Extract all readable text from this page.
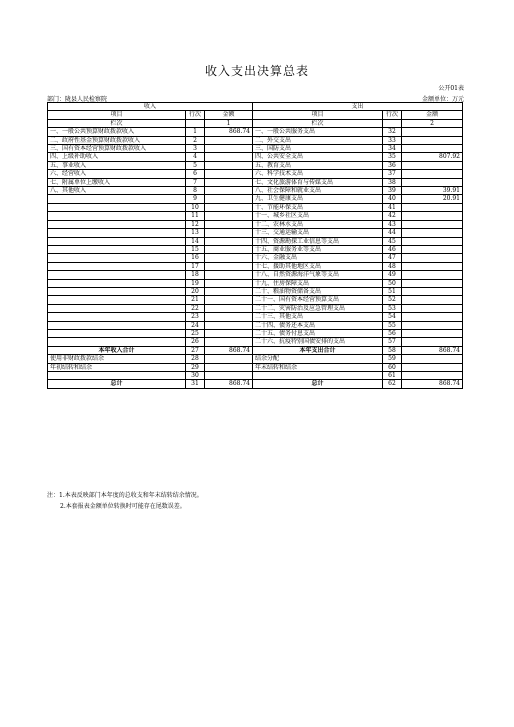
收入支出决算总表
公开01表
部门：陇县人民检察院	金额单位：万元
收入			支出		
项目	行次	金额	项目	行次	金额
栏次		1	栏次		2
一、一般公共预算财政拨款收入	1	868.74	一、一般公共服务支出	32	
二、政府性基金预算财政拨款收入	2		二、外交支出	33	
三、国有资本经营预算财政拨款收入	3		三、国防支出	34	
四、上级补助收入	4		四、公共安全支出	35	807.92
五、事业收入	5		五、教育支出	36	
六、经营收入	6		六、科学技术支出	37	
七、附属单位上缴收入	7		七、文化旅游体育与传媒支出	38	
八、其他收入	8		八、社会保障和就业支出	39	39.91
	9		九、卫生健康支出	40	20.91
	10		十、节能环保支出	41	
	11		十一、城乡社区支出	42	
	12		十二、农林水支出	43	
	13		十三、交通运输支出	44	
	14		十四、资源勘探工业信息等支出	45	
	15		十五、商业服务业等支出	46	
	16		十六、金融支出	47	
	17		十七、援助其他地区支出	48	
	18		十八、自然资源海洋气象等支出	49	
	19		十九、住房保障支出	50	
	20		二十、粮油物资储备支出	51	
	21		二十一、国有资本经营预算支出	52	
	22		二十二、灾害防治及应急管理支出	53	
	23		二十三、其他支出	54	
	24		二十四、债务还本支出	55	
	25		二十五、债务付息支出	56	
	26		二十六、抗疫特别国债安排的支出	57	
本年收入合计	27	868.74	本年支出合计	58	868.74
使用非财政拨款结余	28		结余分配	59	
年初结转和结余	29		年末结转和结余	60	
	30			61	
总计	31	868.74	总计	62	868.74
注：1.本表反映部门本年度的总收支和年末结转结余情况。
2.本套报表金额单位转换时可能存在尾数误差。
